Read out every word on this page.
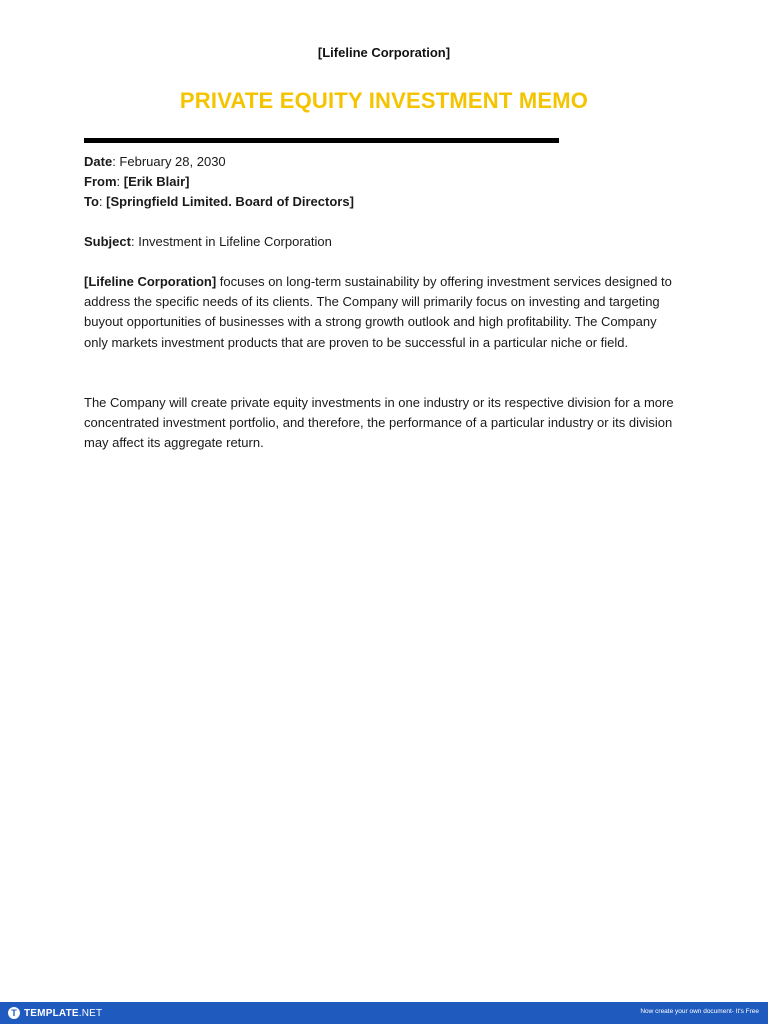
[Lifeline Corporation]
PRIVATE EQUITY INVESTMENT MEMO
Date: February 28, 2030
From: [Erik Blair]
To: [Springfield Limited. Board of Directors]
Subject: Investment in Lifeline Corporation

[Lifeline Corporation] focuses on long-term sustainability by offering investment services designed to address the specific needs of its clients. The Company will primarily focus on investing and targeting buyout opportunities of businesses with a strong growth outlook and high profitability. The Company only markets investment products that are proven to be successful in a particular niche or field.

The Company will create private equity investments in one industry or its respective division for a more concentrated investment portfolio, and therefore, the performance of a particular industry or its division may affect its aggregate return.

T TEMPLATE.NET	Now create your own document- It's Free
